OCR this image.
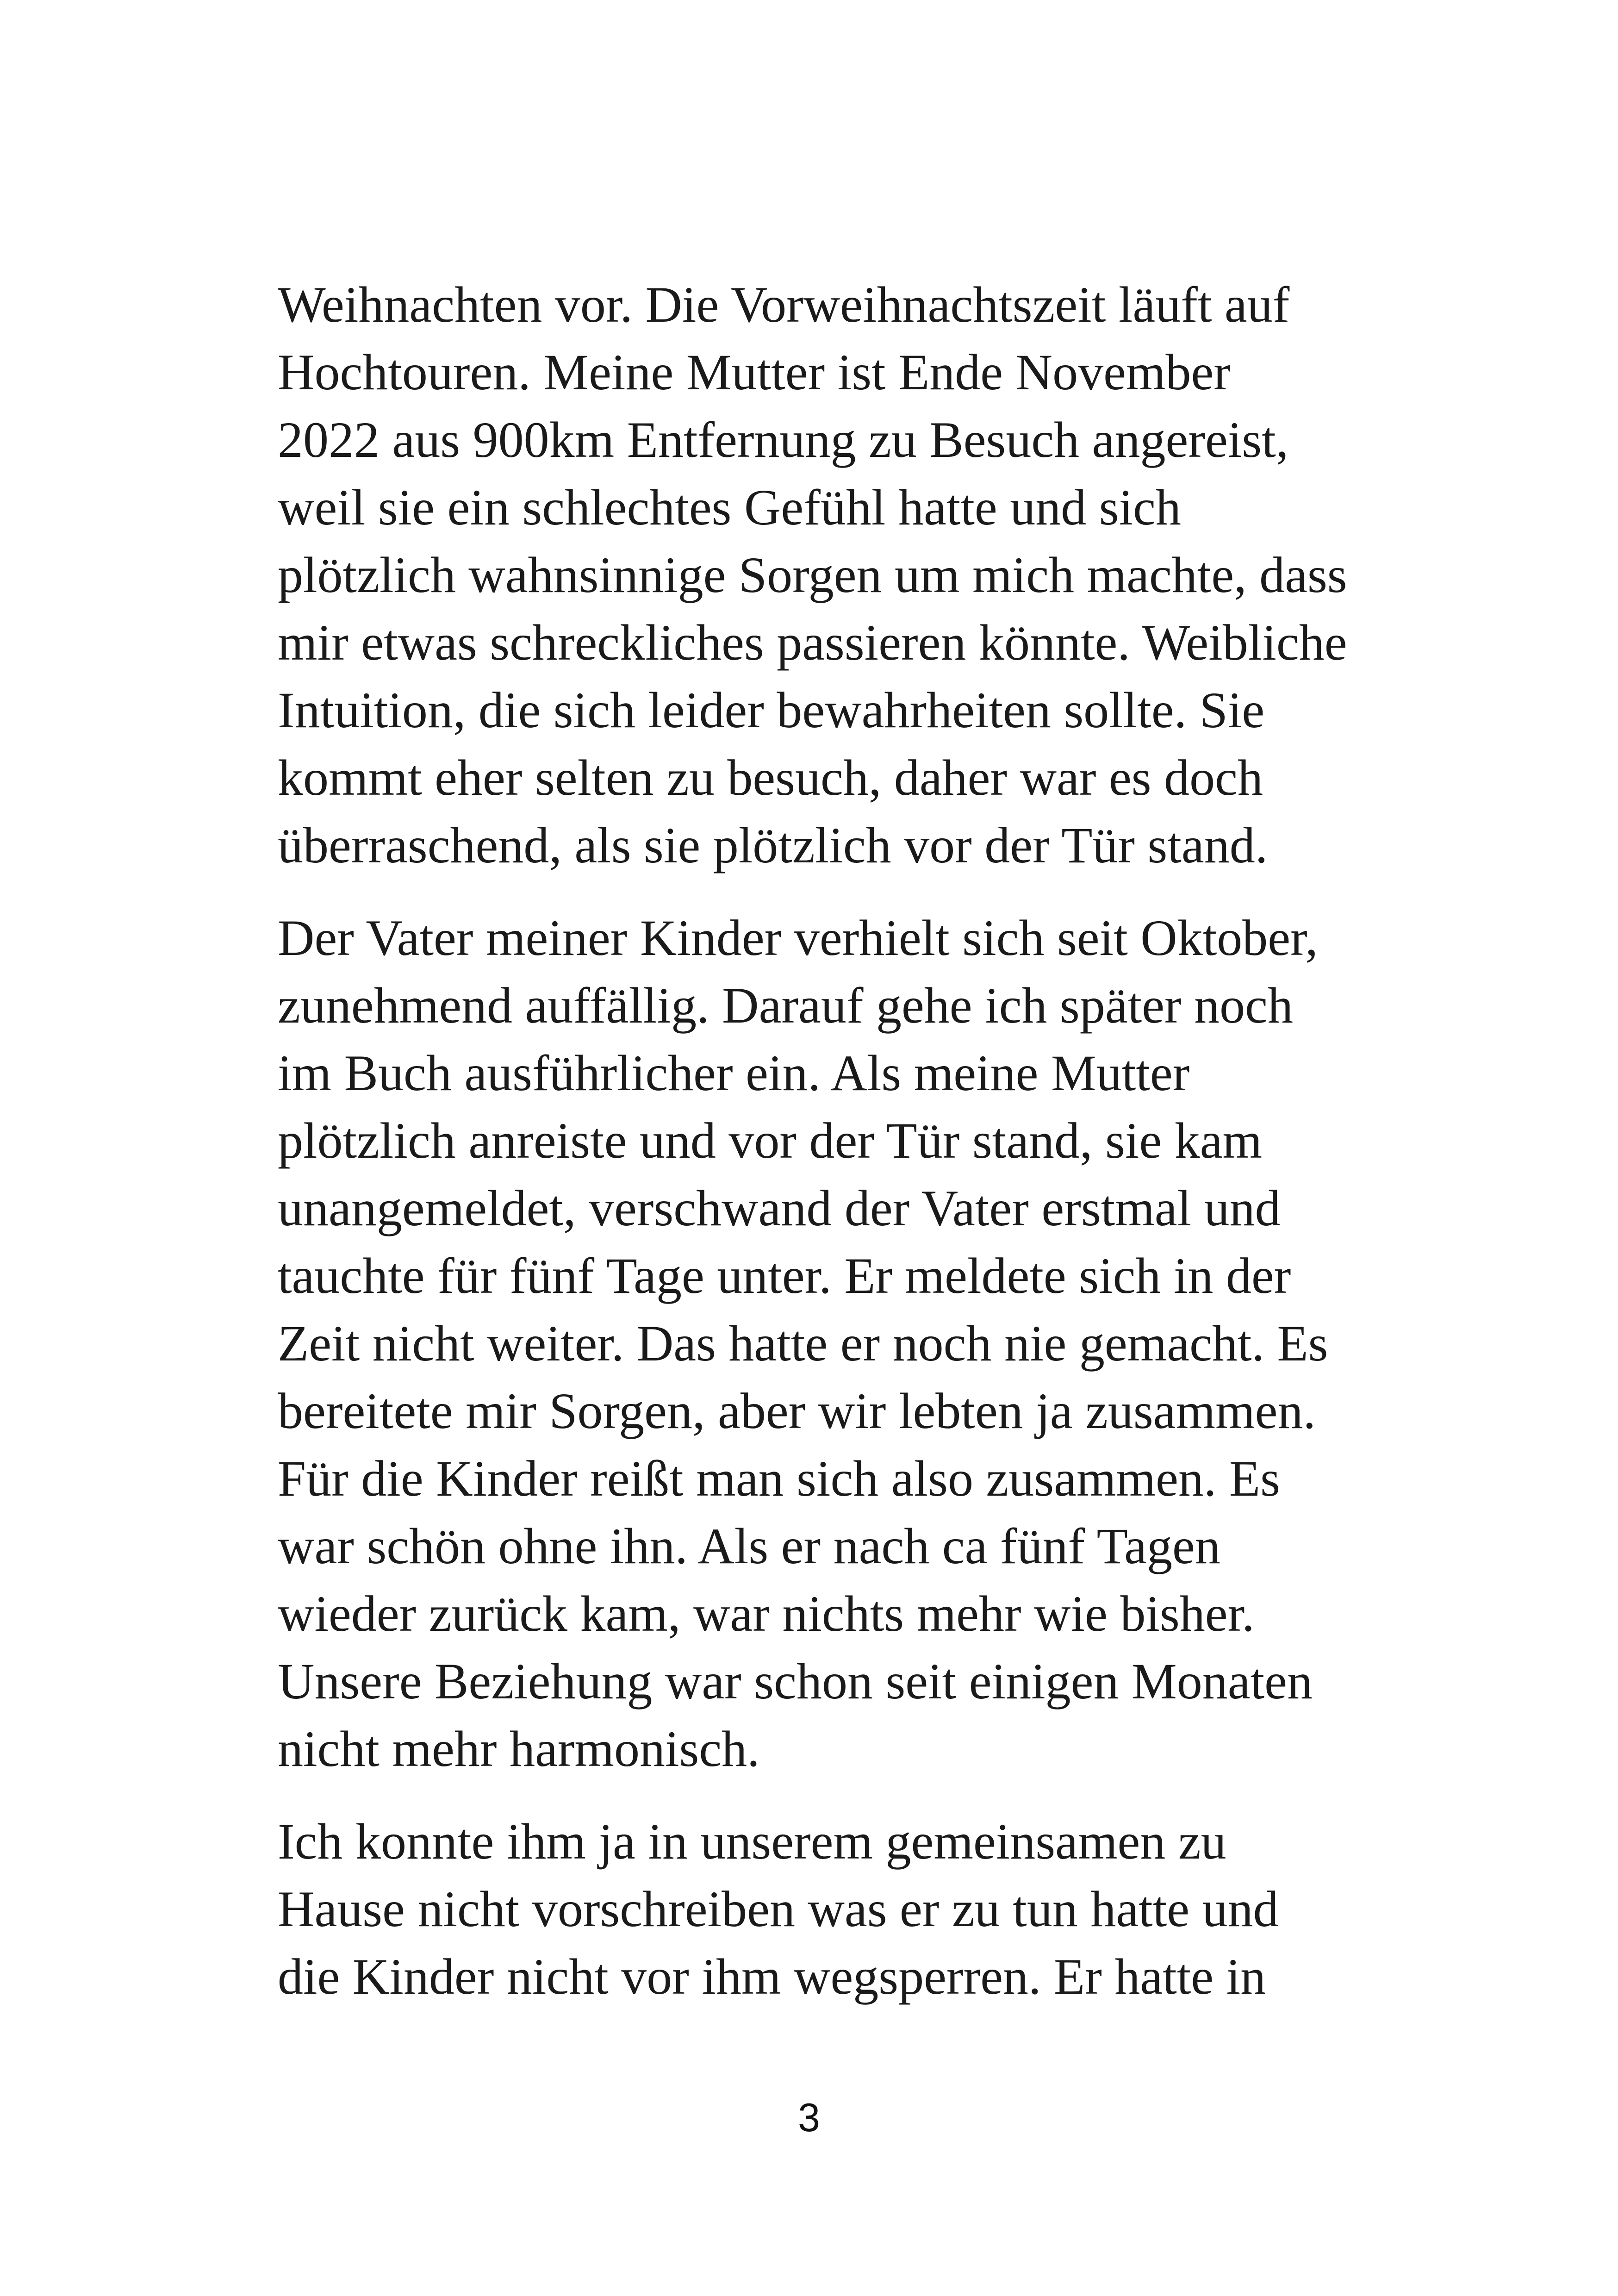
Weihnachten vor. Die Vorweihnachtszeit läuft auf
Hochtouren. Meine Mutter ist Ende November
2022 aus 900km Entfernung zu Besuch angereist,
weil sie ein schlechtes Gefühl hatte und sich
plötzlich wahnsinnige Sorgen um mich machte, dass
mir etwas schreckliches passieren könnte. Weibliche
Intuition, die sich leider bewahrheiten sollte. Sie
kommt eher selten zu besuch, daher war es doch
überraschend, als sie plötzlich vor der Tür stand.

Der Vater meiner Kinder verhielt sich seit Oktober,
zunehmend auffällig. Darauf gehe ich später noch
im Buch ausführlicher ein. Als meine Mutter
plötzlich anreiste und vor der Tür stand, sie kam
unangemeldet, verschwand der Vater erstmal und
tauchte für fünf Tage unter. Er meldete sich in der
Zeit nicht weiter. Das hatte er noch nie gemacht. Es
bereitete mir Sorgen, aber wir lebten ja zusammen.
Für die Kinder reißt man sich also zusammen. Es
war schön ohne ihn. Als er nach ca fünf Tagen
wieder zurück kam, war nichts mehr wie bisher.
Unsere Beziehung war schon seit einigen Monaten
nicht mehr harmonisch.

Ich konnte ihm ja in unserem gemeinsamen zu
Hause nicht vorschreiben was er zu tun hatte und
die Kinder nicht vor ihm wegsperren. Er hatte in

3
